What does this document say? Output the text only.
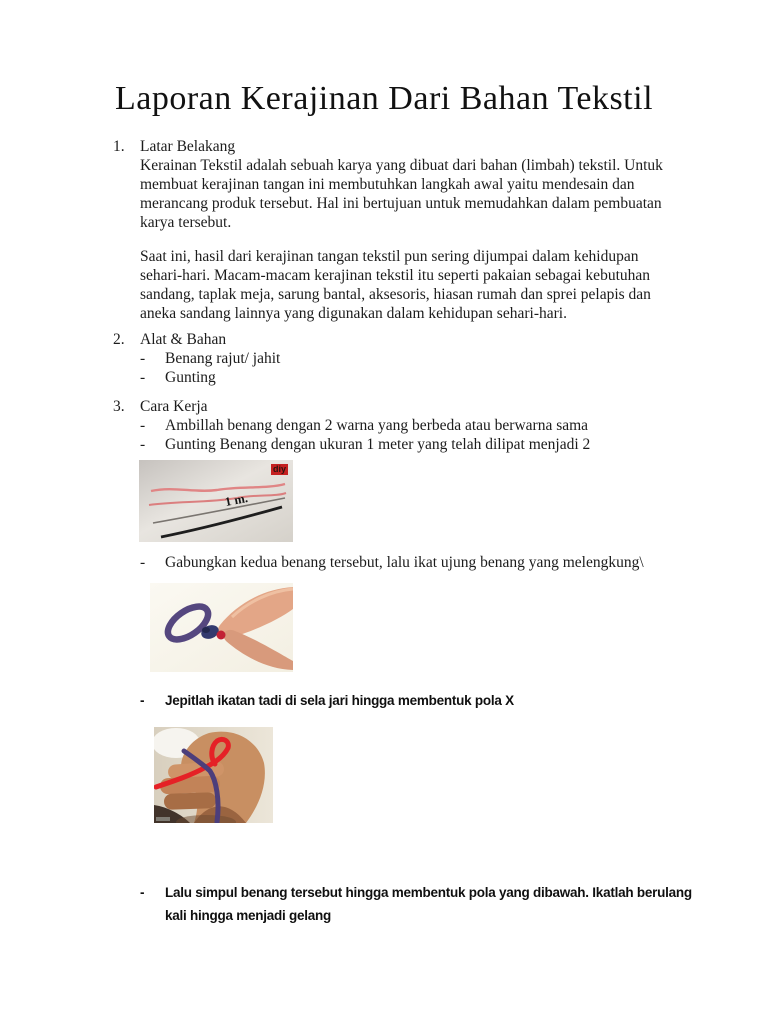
Laporan Kerajinan Dari Bahan Tekstil
1. Latar Belakang

Kerainan Tekstil adalah sebuah karya yang dibuat dari bahan (limbah) tekstil. Untuk membuat kerajinan tangan ini membutuhkan langkah awal yaitu mendesain dan merancang produk tersebut. Hal ini bertujuan untuk memudahkan dalam pembuatan karya tersebut.

Saat ini, hasil dari kerajinan tangan tekstil pun sering dijumpai dalam kehidupan sehari-hari. Macam-macam kerajinan tekstil itu seperti pakaian sebagai kebutuhan sandang, taplak meja, sarung bantal, aksesoris, hiasan rumah dan sprei pelapis dan aneka sandang lainnya yang digunakan dalam kehidupan sehari-hari.

2. Alat & Bahan

-	Benang rajut/ jahit
-	Gunting
3. Cara Kerja

-	Ambillah benang dengan 2 warna yang berbeda atau berwarna sama
-	Gunting Benang dengan ukuran 1 meter yang telah dilipat menjadi 2
diy
1 m.
-	Gabungkan kedua benang tersebut, lalu ikat ujung benang yang melengkung\
-	Jepitlah ikatan tadi di sela jari hingga membentuk pola X
-	Lalu simpul benang tersebut hingga membentuk pola yang dibawah. Ikatlah berulang kali hingga menjadi gelang
